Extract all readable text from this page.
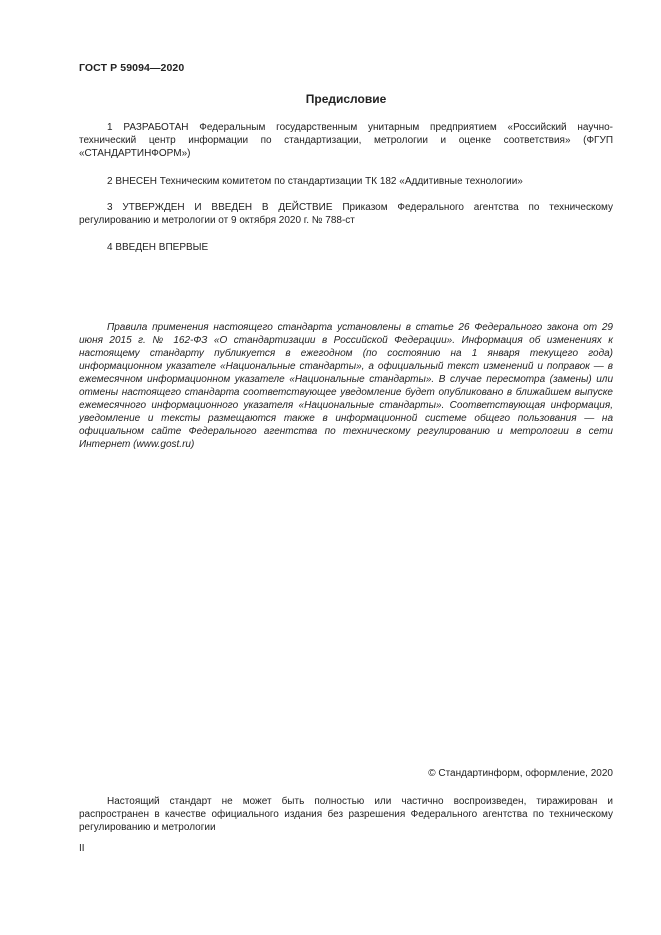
ГОСТ Р 59094—2020
Предисловие
1 РАЗРАБОТАН Федеральным государственным унитарным предприятием «Российский научно-технический центр информации по стандартизации, метрологии и оценке соответствия» (ФГУП «СТАНДАРТИНФОРМ»)
2 ВНЕСЕН Техническим комитетом по стандартизации ТК 182 «Аддитивные технологии»
3 УТВЕРЖДЕН И ВВЕДЕН В ДЕЙСТВИЕ Приказом Федерального агентства по техническому регулированию и метрологии от 9 октября 2020 г. № 788-ст
4 ВВЕДЕН ВПЕРВЫЕ
Правила применения настоящего стандарта установлены в статье 26 Федерального закона от 29 июня 2015 г. № 162-ФЗ «О стандартизации в Российской Федерации». Информация об изменениях к настоящему стандарту публикуется в ежегодном (по состоянию на 1 января текущего года) информационном указателе «Национальные стандарты», а официальный текст изменений и поправок — в ежемесячном информационном указателе «Национальные стандарты». В случае пересмотра (замены) или отмены настоящего стандарта соответствующее уведомление будет опубликовано в ближайшем выпуске ежемесячного информационного указателя «Национальные стандарты». Соответствующая информация, уведомление и тексты размещаются также в информационной системе общего пользования — на официальном сайте Федерального агентства по техническому регулированию и метрологии в сети Интернет (www.gost.ru)
© Стандартинформ, оформление, 2020
Настоящий стандарт не может быть полностью или частично воспроизведен, тиражирован и распространен в качестве официального издания без разрешения Федерального агентства по техническому регулированию и метрологии
II
